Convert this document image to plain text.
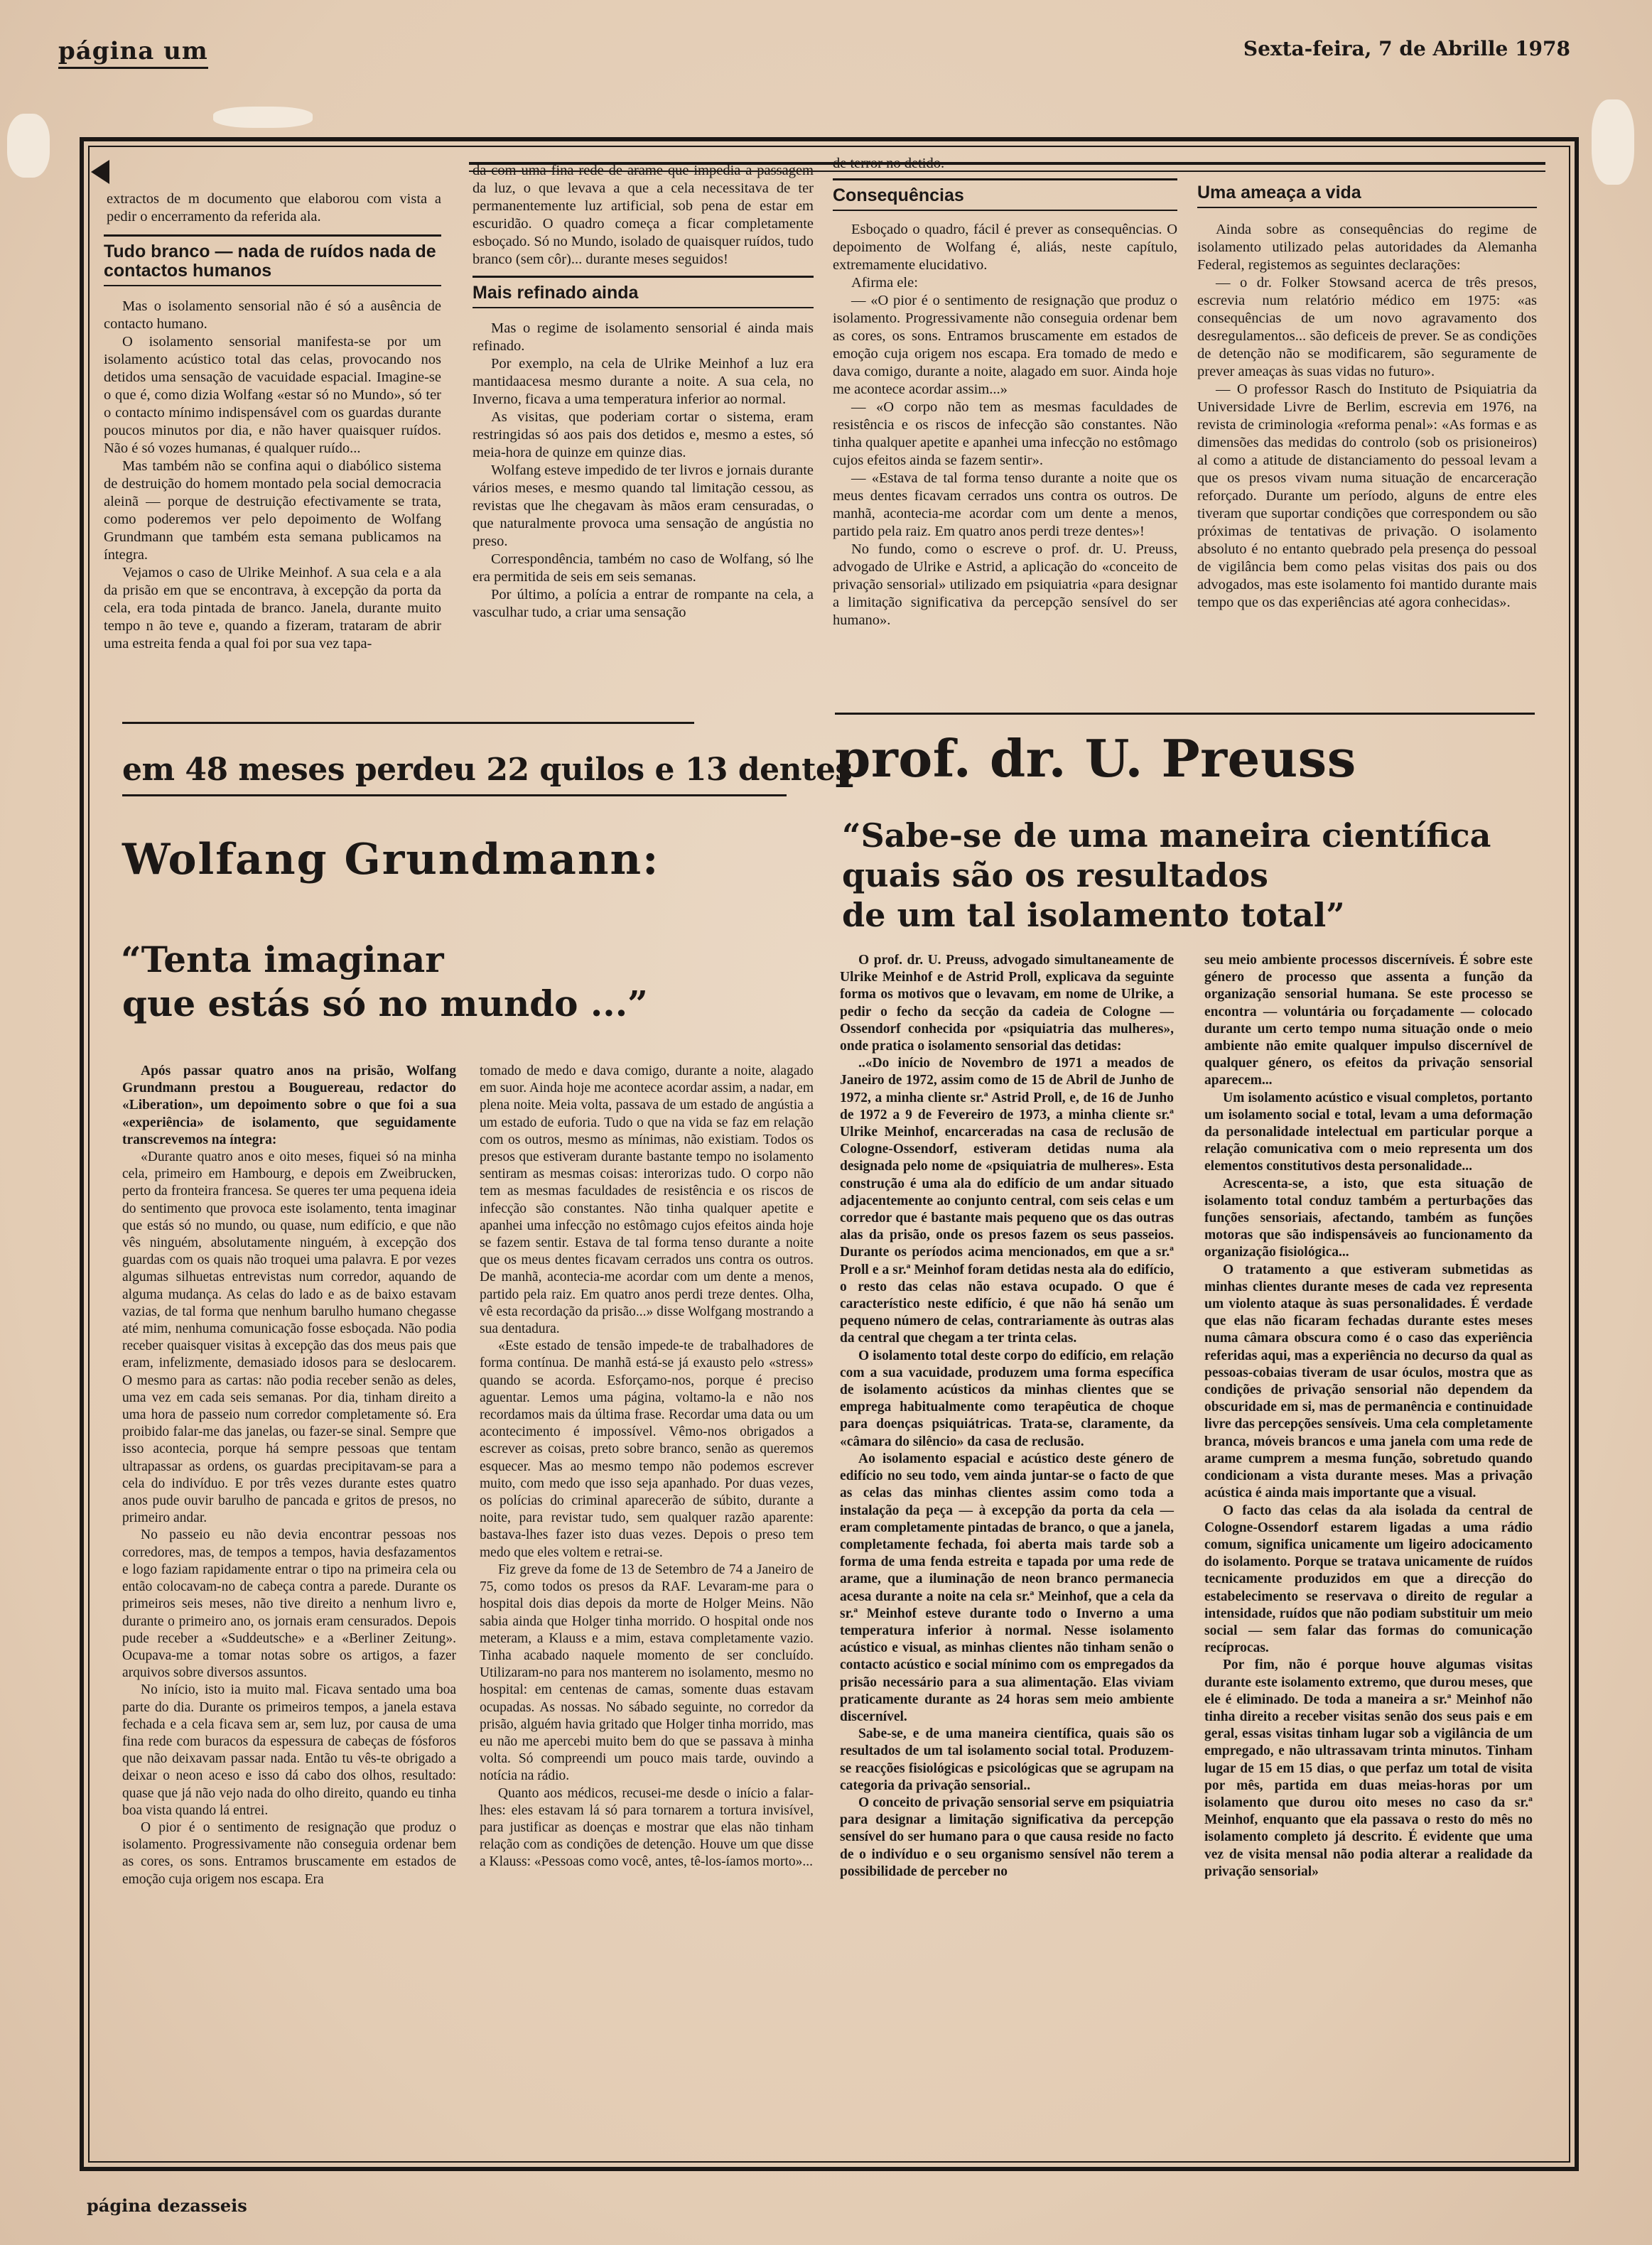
página um	Sexta-feira, 7 de Abrille 1978

extractos de m documento que elaborou com vista a pedir o encerramento da referida ala.

Tudo branco — nada de ruídos nada de contactos humanos

Mas o isolamento sensorial não é só a ausência de contacto humano.

O isolamento sensorial manifesta-se por um isolamento acústico total das celas, provocando nos detidos uma sensação de vacuidade espacial. Imagine-se o que é, como dizia Wolfang «estar só no Mundo», só ter o contacto mínimo indispensável com os guardas durante poucos minutos por dia, e não haver quaisquer ruídos. Não é só vozes humanas, é qualquer ruído...

Mas também não se confina aqui o diabólico sistema de destruição do homem montado pela social democracia aleinã — porque de destruição efectivamente se trata, como poderemos ver pelo depoimento de Wolfang Grundmann que também esta semana publicamos na íntegra.

Vejamos o caso de Ulrike Meinhof. A sua cela e a ala da prisão em que se encontrava, à excepção da porta da cela, era toda pintada de branco. Janela, durante muito tempo n ão teve e, quando a fizeram, trataram de abrir uma estreita fenda a qual foi por sua vez tapa-

da com uma fina rede de arame que impedia a passagem da luz, o que levava a que a cela necessitava de ter permanentemente luz artificial, sob pena de estar em escuridão. O quadro começa a ficar completamente esboçado. Só no Mundo, isolado de quaisquer ruídos, tudo branco (sem côr)... durante meses seguidos!

Mais refinado ainda

Mas o regime de isolamento sensorial é ainda mais refinado.

Por exemplo, na cela de Ulrike Meinhof a luz era mantidaacesa mesmo durante a noite. A sua cela, no Inverno, ficava a uma temperatura inferior ao normal.

As visitas, que poderiam cortar o sistema, eram restringidas só aos pais dos detidos e, mesmo a estes, só meia-hora de quinze em quinze dias.

Wolfang esteve impedido de ter livros e jornais durante vários meses, e mesmo quando tal limitação cessou, as revistas que lhe chegavam às mãos eram censuradas, o que naturalmente provoca uma sensação de angústia no preso.

Correspondência, também no caso de Wolfang, só lhe era permitida de seis em seis semanas.

Por último, a polícia a entrar de rompante na cela, a vasculhar tudo, a criar uma sensação

de terror no detido.

Consequências

Esboçado o quadro, fácil é prever as consequências. O depoimento de Wolfang é, aliás, neste capítulo, extremamente elucidativo.

Afirma ele:

— «O pior é o sentimento de resignação que produz o isolamento. Progressivamente não conseguia ordenar bem as cores, os sons. Entramos bruscamente em estados de emoção cuja origem nos escapa. Era tomado de medo e dava comigo, durante a noite, alagado em suor. Ainda hoje me acontece acordar assim...»

— «O corpo não tem as mesmas faculdades de resistência e os riscos de infecção são constantes. Não tinha qualquer apetite e apanhei uma infecção no estômago cujos efeitos ainda se fazem sentir».

— «Estava de tal forma tenso durante a noite que os meus dentes ficavam cerrados uns contra os outros. De manhã, acontecia-me acordar com um dente a menos, partido pela raiz. Em quatro anos perdi treze dentes»!

No fundo, como o escreve o prof. dr. U. Preuss, advogado de Ulrike e Astrid, a aplicação do «conceito de privação sensorial» utilizado em psiquiatria «para designar a limitação significativa da percepção sensível do ser humano».

Uma ameaça a vida

Ainda sobre as consequências do regime de isolamento utilizado pelas autoridades da Alemanha Federal, registemos as seguintes declarações:

— o dr. Folker Stowsand acerca de três presos, escrevia num relatório médico em 1975: «as consequências de um novo agravamento dos desregulamentos... são deficeis de prever. Se as condições de detenção não se modificarem, são seguramente de prever ameaças às suas vidas no futuro».

— O professor Rasch do Instituto de Psiquiatria da Universidade Livre de Berlim, escrevia em 1976, na revista de criminologia «reforma penal»: «As formas e as dimensões das medidas do controlo (sob os prisioneiros) al como a atitude de distanciamento do pessoal levam a que os presos vivam numa situação de encarceração reforçado. Durante um período, alguns de entre eles tiveram que suportar condições que correspondem ou são próximas de tentativas de privação. O isolamento absoluto é no entanto quebrado pela presença do pessoal de vigilância bem como pelas visitas dos pais ou dos advogados, mas este isolamento foi mantido durante mais tempo que os das experiências até agora conhecidas».

em 48 meses perdeu 22 quilos e 13 dentes
Wolfang Grundmann:
“Tenta imaginar
que estás só no mundo ...”

Após passar quatro anos na prisão, Wolfang Grundmann prestou a Bouguereau, redactor do «Liberation», um depoimento sobre o que foi a sua «experiência» de isolamento, que seguidamente transcrevemos na íntegra:

«Durante quatro anos e oito meses, fiquei só na minha cela, primeiro em Hambourg, e depois em Zweibrucken, perto da fronteira francesa. Se queres ter uma pequena ideia do sentimento que provoca este isolamento, tenta imaginar que estás só no mundo, ou quase, num edifício, e que não vês ninguém, absolutamente ninguém, à excepção dos guardas com os quais não troquei uma palavra. E por vezes algumas silhuetas entrevistas num corredor, aquando de alguma mudança. As celas do lado e as de baixo estavam vazias, de tal forma que nenhum barulho humano chegasse até mim, nenhuma comunicação fosse esboçada. Não podia receber quaisquer visitas à excepção das dos meus pais que eram, infelizmente, demasiado idosos para se deslocarem. O mesmo para as cartas: não podia receber senão as deles, uma vez em cada seis semanas. Por dia, tinham direito a uma hora de passeio num corredor completamente só. Era proibido falar-me das janelas, ou fazer-se sinal. Sempre que isso acontecia, porque há sempre pessoas que tentam ultrapassar as ordens, os guardas precipitavam-se para a cela do indivíduo. E por três vezes durante estes quatro anos pude ouvir barulho de pancada e gritos de presos, no primeiro andar.

No passeio eu não devia encontrar pessoas nos corredores, mas, de tempos a tempos, havia desfazamentos e logo faziam rapidamente entrar o tipo na primeira cela ou então colocavam-no de cabeça contra a parede. Durante os primeiros seis meses, não tive direito a nenhum livro e, durante o primeiro ano, os jornais eram censurados. Depois pude receber a «Suddeutsche» e a «Berliner Zeitung». Ocupava-me a tomar notas sobre os artigos, a fazer arquivos sobre diversos assuntos.

No início, isto ia muito mal. Ficava sentado uma boa parte do dia. Durante os primeiros tempos, a janela estava fechada e a cela ficava sem ar, sem luz, por causa de uma fina rede com buracos da espessura de cabeças de fósforos que não deixavam passar nada. Então tu vês-te obrigado a deixar o neon aceso e isso dá cabo dos olhos, resultado: quase que já não vejo nada do olho direito, quando eu tinha boa vista quando lá entrei.

O pior é o sentimento de resignação que produz o isolamento. Progressivamente não conseguia ordenar bem as cores, os sons. Entramos bruscamente em estados de emoção cuja origem nos escapa. Era

tomado de medo e dava comigo, durante a noite, alagado em suor. Ainda hoje me acontece acordar assim, a nadar, em plena noite. Meia volta, passava de um estado de angústia a um estado de euforia. Tudo o que na vida se faz em relação com os outros, mesmo as mínimas, não existiam. Todos os presos que estiveram durante bastante tempo no isolamento sentiram as mesmas coisas: interorizas tudo. O corpo não tem as mesmas faculdades de resistência e os riscos de infecção são constantes. Não tinha qualquer apetite e apanhei uma infecção no estômago cujos efeitos ainda hoje se fazem sentir. Estava de tal forma tenso durante a noite que os meus dentes ficavam cerrados uns contra os outros. De manhã, acontecia-me acordar com um dente a menos, partido pela raiz. Em quatro anos perdi treze dentes. Olha, vê esta recordação da prisão...» disse Wolfgang mostrando a sua dentadura.

«Este estado de tensão impede-te de trabalhadores de forma contínua. De manhã está-se já exausto pelo «stress» quando se acorda. Esforçamo-nos, porque é preciso aguentar. Lemos uma página, voltamo-la e não nos recordamos mais da última frase. Recordar uma data ou um acontecimento é impossível. Vêmo-nos obrigados a escrever as coisas, preto sobre branco, senão as queremos esquecer. Mas ao mesmo tempo não podemos escrever muito, com medo que isso seja apanhado. Por duas vezes, os polícias do criminal aparecerão de súbito, durante a noite, para revistar tudo, sem qualquer razão aparente: bastava-lhes fazer isto duas vezes. Depois o preso tem medo que eles voltem e retrai-se.

Fiz greve da fome de 13 de Setembro de 74 a Janeiro de 75, como todos os presos da RAF. Levaram-me para o hospital dois dias depois da morte de Holger Meins. Não sabia ainda que Holger tinha morrido. O hospital onde nos meteram, a Klauss e a mim, estava completamente vazio. Tinha acabado naquele momento de ser concluído. Utilizaram-no para nos manterem no isolamento, mesmo no hospital: em centenas de camas, somente duas estavam ocupadas. As nossas. No sábado seguinte, no corredor da prisão, alguém havia gritado que Holger tinha morrido, mas eu não me apercebi muito bem do que se passava à minha volta. Só compreendi um pouco mais tarde, ouvindo a notícia na rádio.

Quanto aos médicos, recusei-me desde o início a falar-lhes: eles estavam lá só para tornarem a tortura invisível, para justificar as doenças e mostrar que elas não tinham relação com as condições de detenção. Houve um que disse a Klauss: «Pessoas como você, antes, tê-los-íamos morto»...

prof. dr. U. Preuss
“Sabe-se de uma maneira científica
quais são os resultados
de um tal isolamento total”

O prof. dr. U. Preuss, advogado simultaneamente de Ulrike Meinhof e de Astrid Proll, explicava da seguinte forma os motivos que o levavam, em nome de Ulrike, a pedir o fecho da secção da cadeia de Cologne — Ossendorf conhecida por «psiquiatria das mulheres», onde pratica o isolamento sensorial das detidas:

..«Do início de Novembro de 1971 a meados de Janeiro de 1972, assim como de 15 de Abril de Junho de 1972, a minha cliente sr.ª Astrid Proll, e, de 16 de Junho de 1972 a 9 de Fevereiro de 1973, a minha cliente sr.ª Ulrike Meinhof, encarceradas na casa de reclusão de Cologne-Ossendorf, estiveram detidas numa ala designada pelo nome de «psiquiatria de mulheres». Esta construção é uma ala do edifício de um andar situado adjacentemente ao conjunto central, com seis celas e um corredor que é bastante mais pequeno que os das outras alas da prisão, onde os presos fazem os seus passeios. Durante os períodos acima mencionados, em que a sr.ª Proll e a sr.ª Meinhof foram detidas nesta ala do edifício, o resto das celas não estava ocupado. O que é característico neste edifício, é que não há senão um pequeno número de celas, contrariamente às outras alas da central que chegam a ter trinta celas.

O isolamento total deste corpo do edifício, em relação com a sua vacuidade, produzem uma forma específica de isolamento acústicos da minhas clientes que se emprega habitualmente como terapêutica de choque para doenças psiquiátricas. Trata-se, claramente, da «câmara do silêncio» da casa de reclusão.

Ao isolamento espacial e acústico deste género de edifício no seu todo, vem ainda juntar-se o facto de que as celas das minhas clientes assim como toda a instalação da peça — à excepção da porta da cela — eram completamente pintadas de branco, o que a janela, completamente fechada, foi aberta mais tarde sob a forma de uma fenda estreita e tapada por uma rede de arame, que a iluminação de neon branco permanecia acesa durante a noite na cela sr.ª Meinhof, que a cela da sr.ª Meinhof esteve durante todo o Inverno a uma temperatura inferior à normal. Nesse isolamento acústico e visual, as minhas clientes não tinham senão o contacto acústico e social mínimo com os empregados da prisão necessário para a sua alimentação. Elas viviam praticamente durante as 24 horas sem meio ambiente discernível.

Sabe-se, e de uma maneira científica, quais são os resultados de um tal isolamento social total. Produzem-se reacções fisiológicas e psicológicas que se agrupam na categoria da privação sensorial..

O conceito de privação sensorial serve em psiquiatria para designar a limitação significativa da percepção sensível do ser humano para o que causa reside no facto de o indivíduo e o seu organismo sensível não terem a possibilidade de perceber no

seu meio ambiente processos discerníveis. É sobre este género de processo que assenta a função da organização sensorial humana. Se este processo se encontra — voluntária ou forçadamente — colocado durante um certo tempo numa situação onde o meio ambiente não emite qualquer impulso discernível de qualquer género, os efeitos da privação sensorial aparecem...

Um isolamento acústico e visual completos, portanto um isolamento social e total, levam a uma deformação da personalidade intelectual em particular porque a relação comunicativa com o meio representa um dos elementos constitutivos desta personalidade...

Acrescenta-se, a isto, que esta situação de isolamento total conduz também a perturbações das funções sensoriais, afectando, também as funções motoras que são indispensáveis ao funcionamento da organização fisiológica...

O tratamento a que estiveram submetidas as minhas clientes durante meses de cada vez representa um violento ataque às suas personalidades. É verdade que elas não ficaram fechadas durante estes meses numa câmara obscura como é o caso das experiência referidas aqui, mas a experiência no decurso da qual as pessoas-cobaias tiveram de usar óculos, mostra que as condições de privação sensorial não dependem da obscuridade em si, mas de permanência e continuidade livre das percepções sensíveis. Uma cela completamente branca, móveis brancos e uma janela com uma rede de arame cumprem a mesma função, sobretudo quando condicionam a vista durante meses. Mas a privação acústica é ainda mais importante que a visual.

O facto das celas da ala isolada da central de Cologne-Ossendorf estarem ligadas a uma rádio comum, significa unicamente um ligeiro adocicamento do isolamento. Porque se tratava unicamente de ruídos tecnicamente produzidos em que a direcção do estabelecimento se reservava o direito de regular a intensidade, ruídos que não podiam substituir um meio social — sem falar das formas do comunicação recíprocas.

Por fim, não é porque houve algumas visitas durante este isolamento extremo, que durou meses, que ele é eliminado. De toda a maneira a sr.ª Meinhof não tinha direito a receber visitas senão dos seus pais e em geral, essas visitas tinham lugar sob a vigilância de um empregado, e não ultrassavam trinta minutos. Tinham lugar de 15 em 15 dias, o que perfaz um total de visita por mês, partida em duas meias-horas por um isolamento que durou oito meses no caso da sr.ª Meinhof, enquanto que ela passava o resto do mês no isolamento completo já descrito. É evidente que uma vez de visita mensal não podia alterar a realidade da privação sensorial»

página dezasseis
